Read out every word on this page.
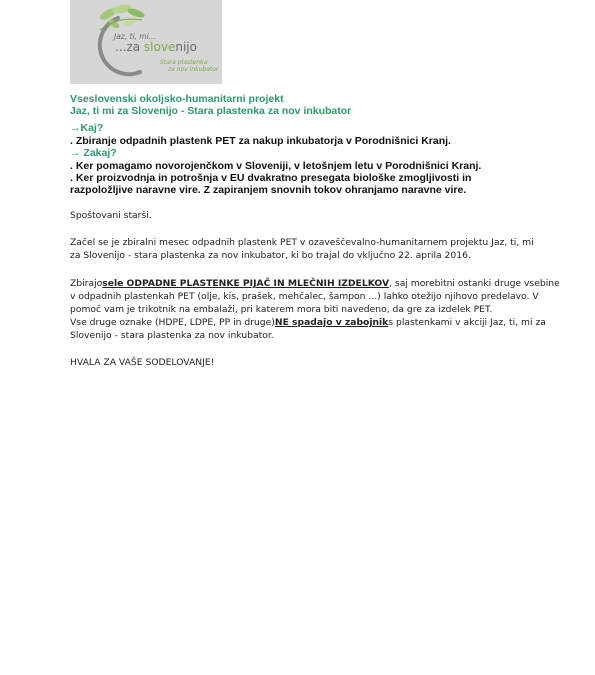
Jaz, ti, mi...
...za slovenijo
Stara plastenka
za nov inkubator
Vseslovenski okoljsko-humanitarni projekt
Jaz, ti mi za Slovenijo - Stara plastenka za nov inkubator
→Kaj?
. Zbiranje odpadnih plastenk PET za nakup inkubatorja v Porodnišnici Kranj.
→ Zakaj?
. Ker pomagamo novorojenčkom v Sloveniji, v letošnjem letu v Porodnišnici Kranj.
. Ker proizvodnja in potrošnja v EU dvakratno presegata biološke zmogljivosti in
razpoložljive naravne vire. Z zapiranjem snovnih tokov ohranjamo naravne vire.
Spoštovani starši.
Začel se je zbiralni mesec odpadnih plastenk PET v ozaveščevalno-humanitarnem projektu Jaz, ti, mi
za Slovenijo - stara plastenka za nov inkubator, ki bo trajal do vključno 22. aprila 2016.
Zbirajosele ODPADNE PLASTENKE PIJAČ IN MLEČNIH IZDELKOV, saj morebitni ostanki druge vsebine
v odpadnih plastenkah PET (olje, kis, prašek, mehčalec, šampon ...) lahko otežijo njihovo predelavo. V
pomoč vam je trikotnik na embalaži, pri katerem mora biti navedeno, da gre za izdelek PET.
Vse druge oznake (HDPE, LDPE, PP in druge)NE spadajo v zabojniks plastenkami v akciji Jaz, ti, mi za
Slovenijo - stara plastenka za nov inkubator.
HVALA ZA VAŠE SODELOVANJE!
